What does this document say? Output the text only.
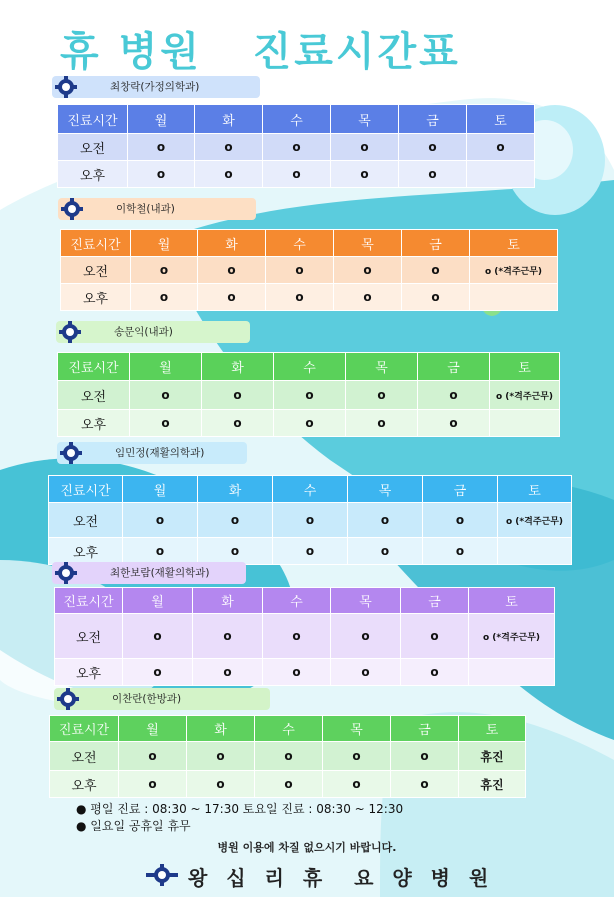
휴 병원   진료시간표
최창락(가정의학과)
진료시간	월	화	수	목	금	토
오전	o	o	o	o	o	o
오후	o	o	o	o	o	
이학철(내과)
진료시간	월	화	수	목	금	토
오전	o	o	o	o	o	o (*격주근무)
오후	o	o	o	o	o	
송문익(내과)
진료시간	월	화	수	목	금	토
오전	o	o	o	o	o	o (*격주근무)
오후	o	o	o	o	o	
임민정(재활의학과)
진료시간	월	화	수	목	금	토
오전	o	o	o	o	o	o (*격주근무)
오후	o	o	o	o	o	
최한보람(재활의학과)
진료시간	월	화	수	목	금	토
오전	o	o	o	o	o	o (*격주근무)
오후	o	o	o	o	o	
이찬란(한방과)
진료시간	월	화	수	목	금	토
오전	o	o	o	o	o	휴진
오후	o	o	o	o	o	휴진
● 평일 진료 : 08:30 ~ 17:30 토요일 진료 : 08:30 ~ 12:30
● 일요일 공휴일 휴무
병원 이용에 차질 없으시기 바랍니다.
왕 십 리 휴  요 양 병 원
